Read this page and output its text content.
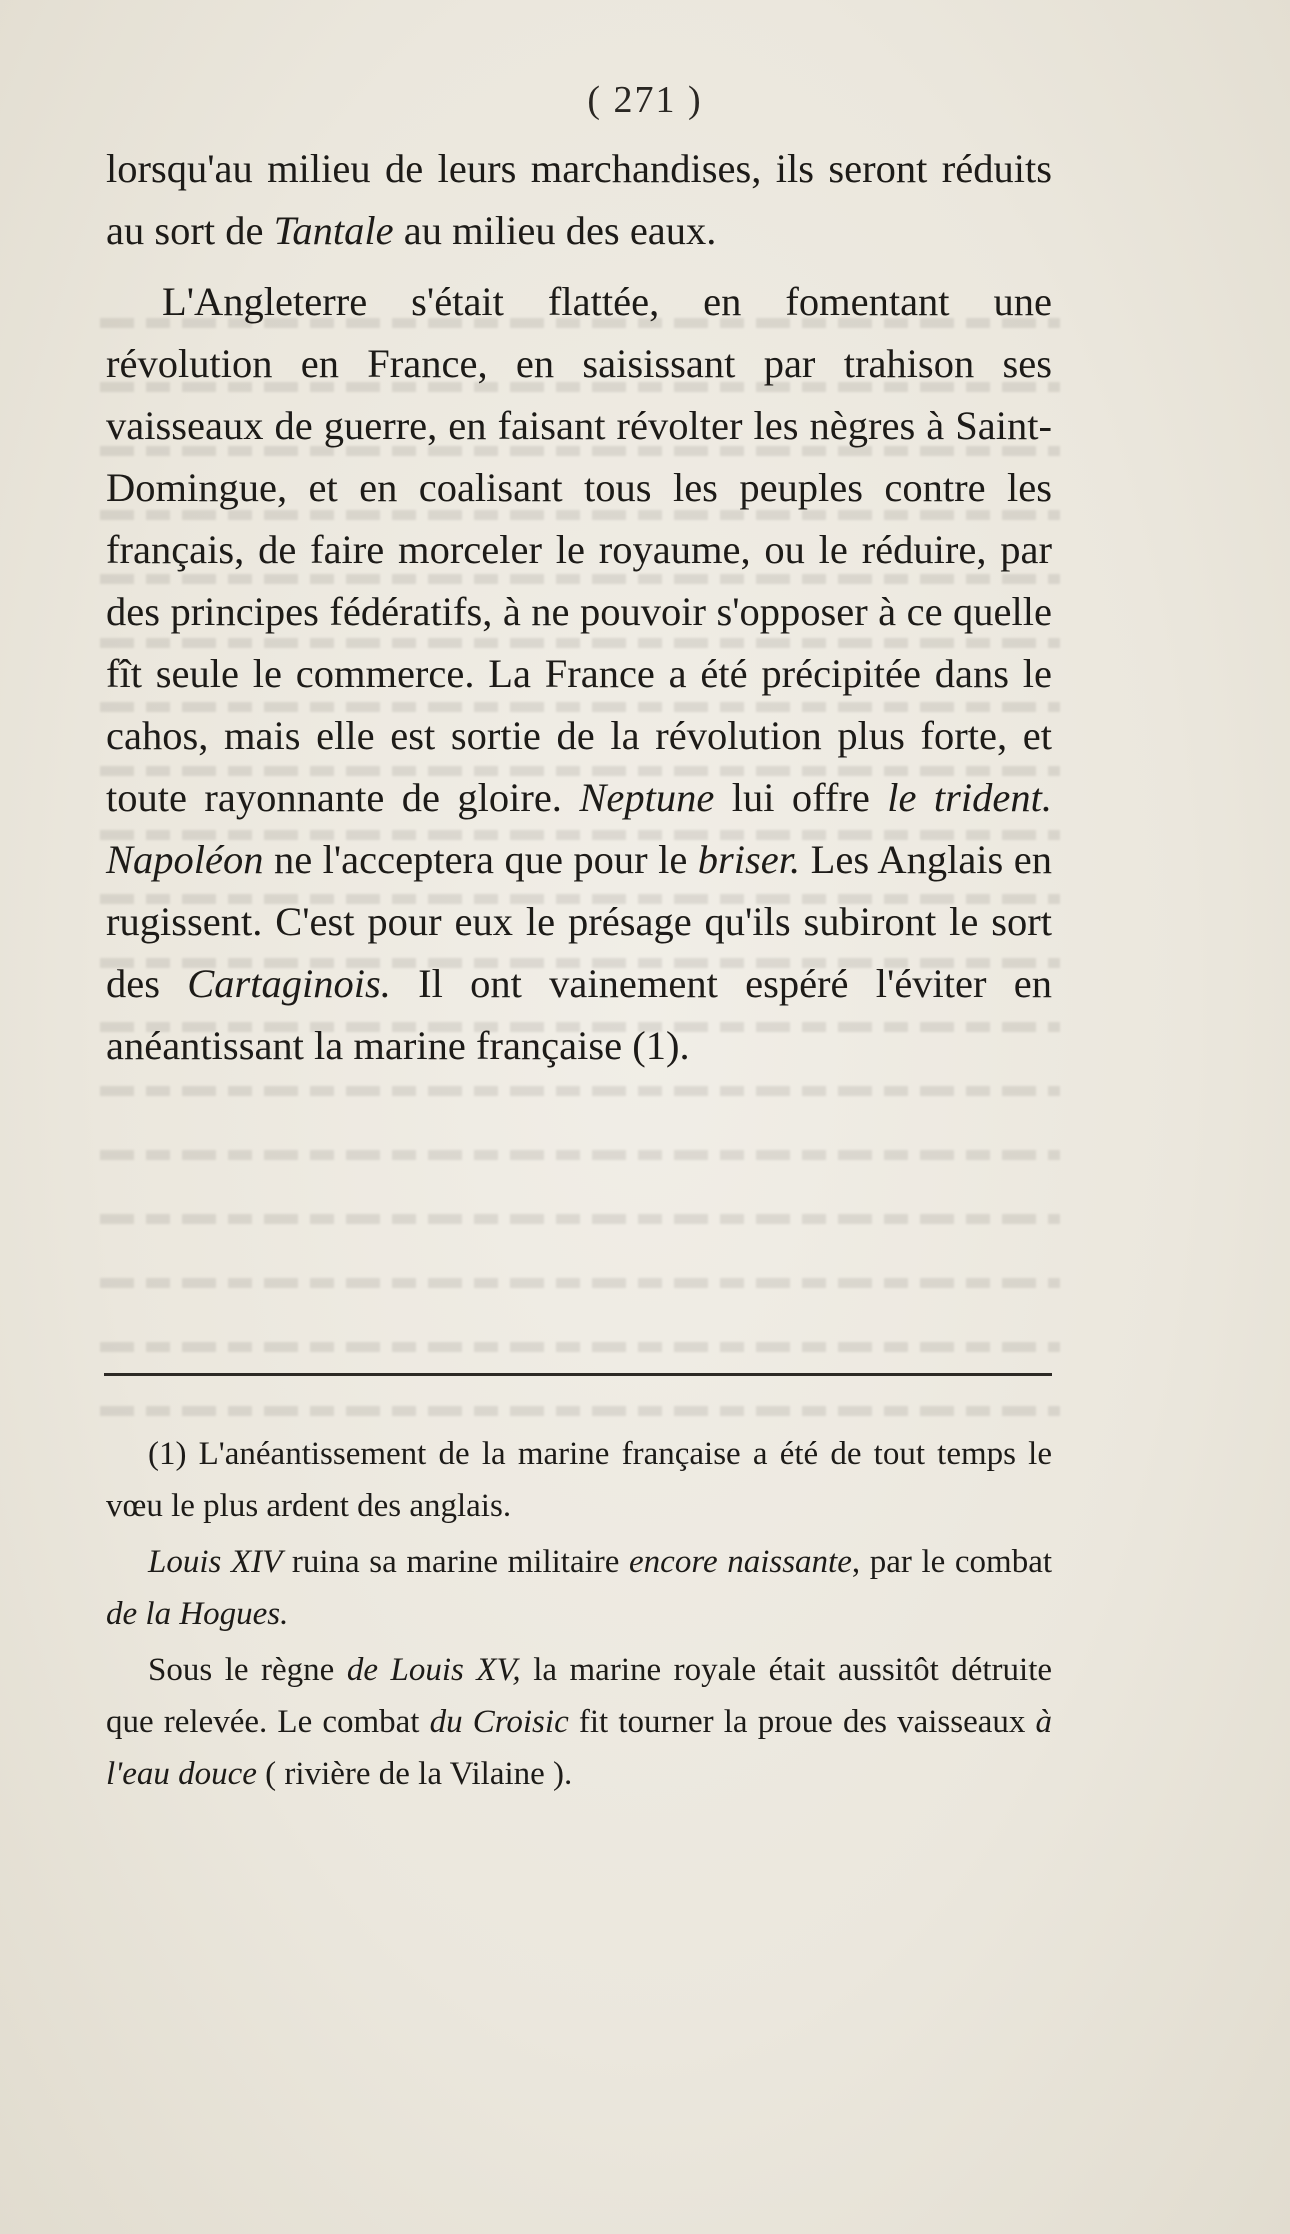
( 271 )

lorsqu'au milieu de leurs marchandises, ils seront réduits au sort de Tantale au milieu des eaux.

L'Angleterre s'était flattée, en fomentant une révolution en France, en saisissant par trahison ses vaisseaux de guerre, en faisant révolter les nègres à Saint-Domingue, et en coalisant tous les peuples contre les français, de faire morceler le royaume, ou le réduire, par des principes fédératifs, à ne pouvoir s'opposer à ce quelle fît seule le commerce. La France a été précipitée dans le cahos, mais elle est sortie de la révolution plus forte, et toute rayonnante de gloire. Neptune lui offre le trident. Napoléon ne l'acceptera que pour le briser. Les Anglais en rugissent. C'est pour eux le présage qu'ils subiront le sort des Cartaginois. Il ont vainement espéré l'éviter en anéantissant la marine française (1).

(1) L'anéantissement de la marine française a été de tout temps le vœu le plus ardent des anglais.

Louis XIV ruina sa marine militaire encore naissante, par le combat de la Hogues.

Sous le règne de Louis XV, la marine royale était aussitôt détruite que relevée. Le combat du Croisic fit tourner la proue des vaisseaux à l'eau douce ( rivière de la Vilaine ).
